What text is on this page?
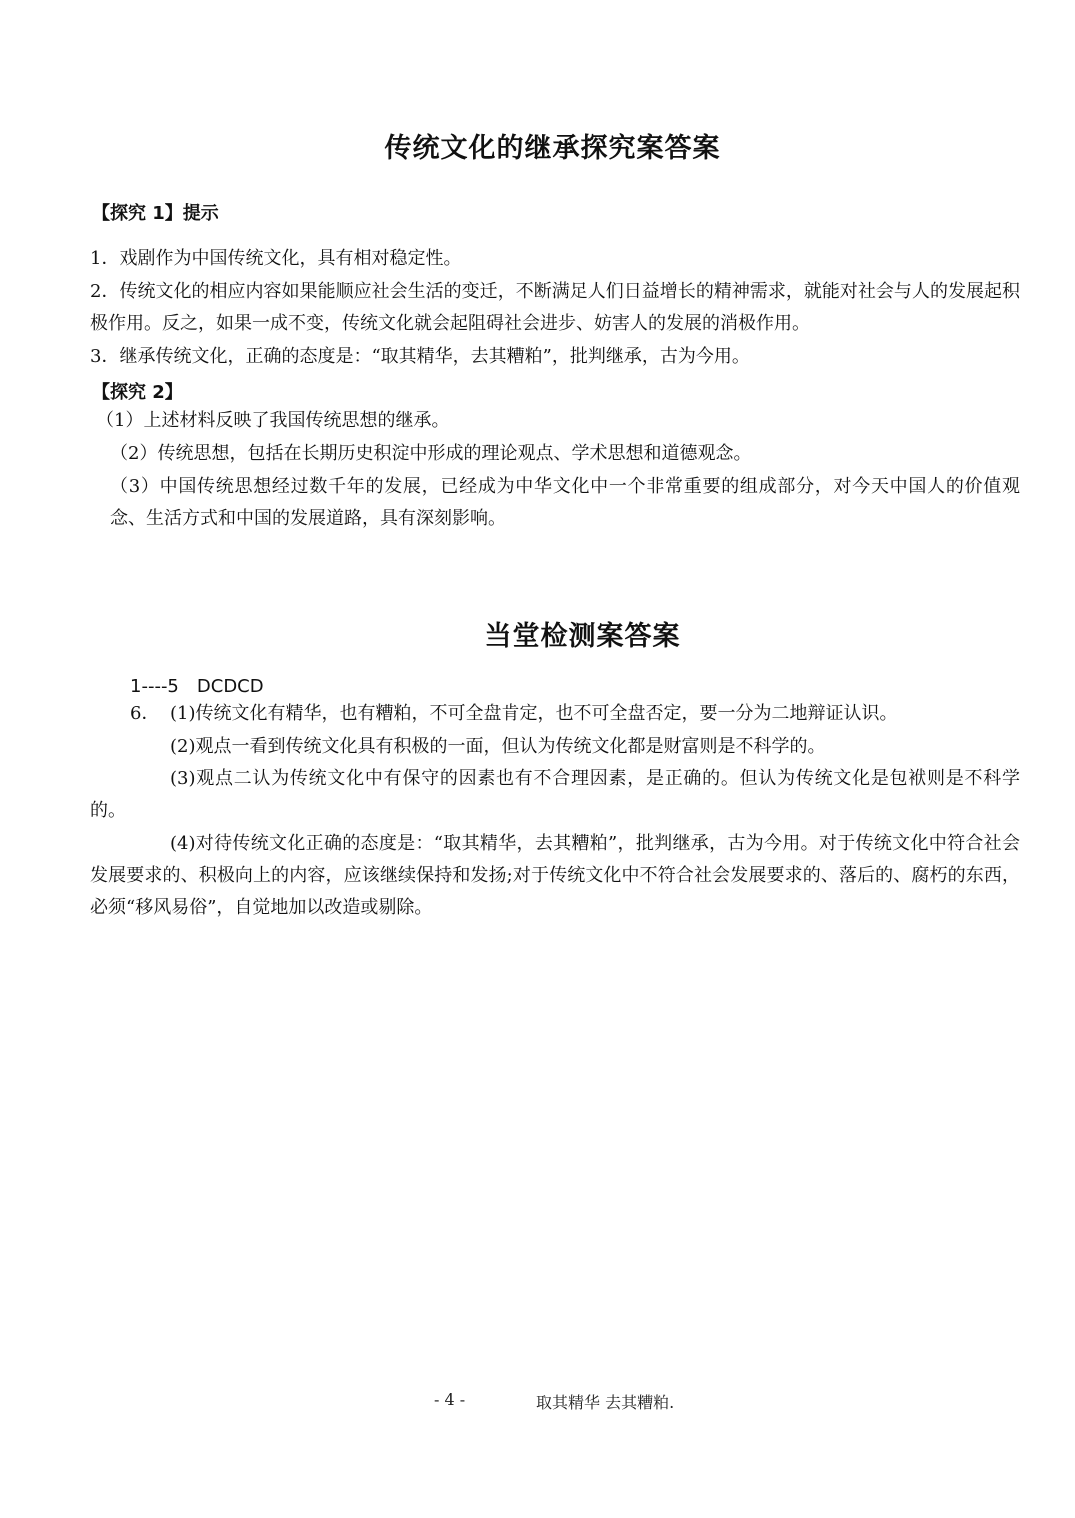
传统文化的继承探究案答案
【探究 1】提示
1．戏剧作为中国传统文化，具有相对稳定性。
2．传统文化的相应内容如果能顺应社会生活的变迁，不断满足人们日益增长的精神需求，就能对社会与人的发展起积极作用。反之，如果一成不变，传统文化就会起阻碍社会进步、妨害人的发展的消极作用。
3．继承传统文化，正确的态度是：“取其精华，去其糟粕”，批判继承，古为今用。
【探究 2】
（1）上述材料反映了我国传统思想的继承。
（2）传统思想，包括在长期历史积淀中形成的理论观点、学术思想和道德观念。
（3）中国传统思想经过数千年的发展，已经成为中华文化中一个非常重要的组成部分，对今天中国人的价值观念、生活方式和中国的发展道路，具有深刻影响。
当堂检测案答案
1----5　DCDCD
6． (1)传统文化有精华，也有糟粕，不可全盘肯定，也不可全盘否定，要一分为二地辩证认识。
(2)观点一看到传统文化具有积极的一面，但认为传统文化都是财富则是不科学的。
(3)观点二认为传统文化中有保守的因素也有不合理因素，是正确的。但认为传统文化是包袱则是不科学的。
(4)对待传统文化正确的态度是：“取其精华，去其糟粕”，批判继承，古为今用。对于传统文化中符合社会发展要求的、积极向上的内容，应该继续保持和发扬;对于传统文化中不符合社会发展要求的、落后的、腐朽的东西，必须“移风易俗”，自觉地加以改造或剔除。
- 4 -	取其精华 去其糟粕.
